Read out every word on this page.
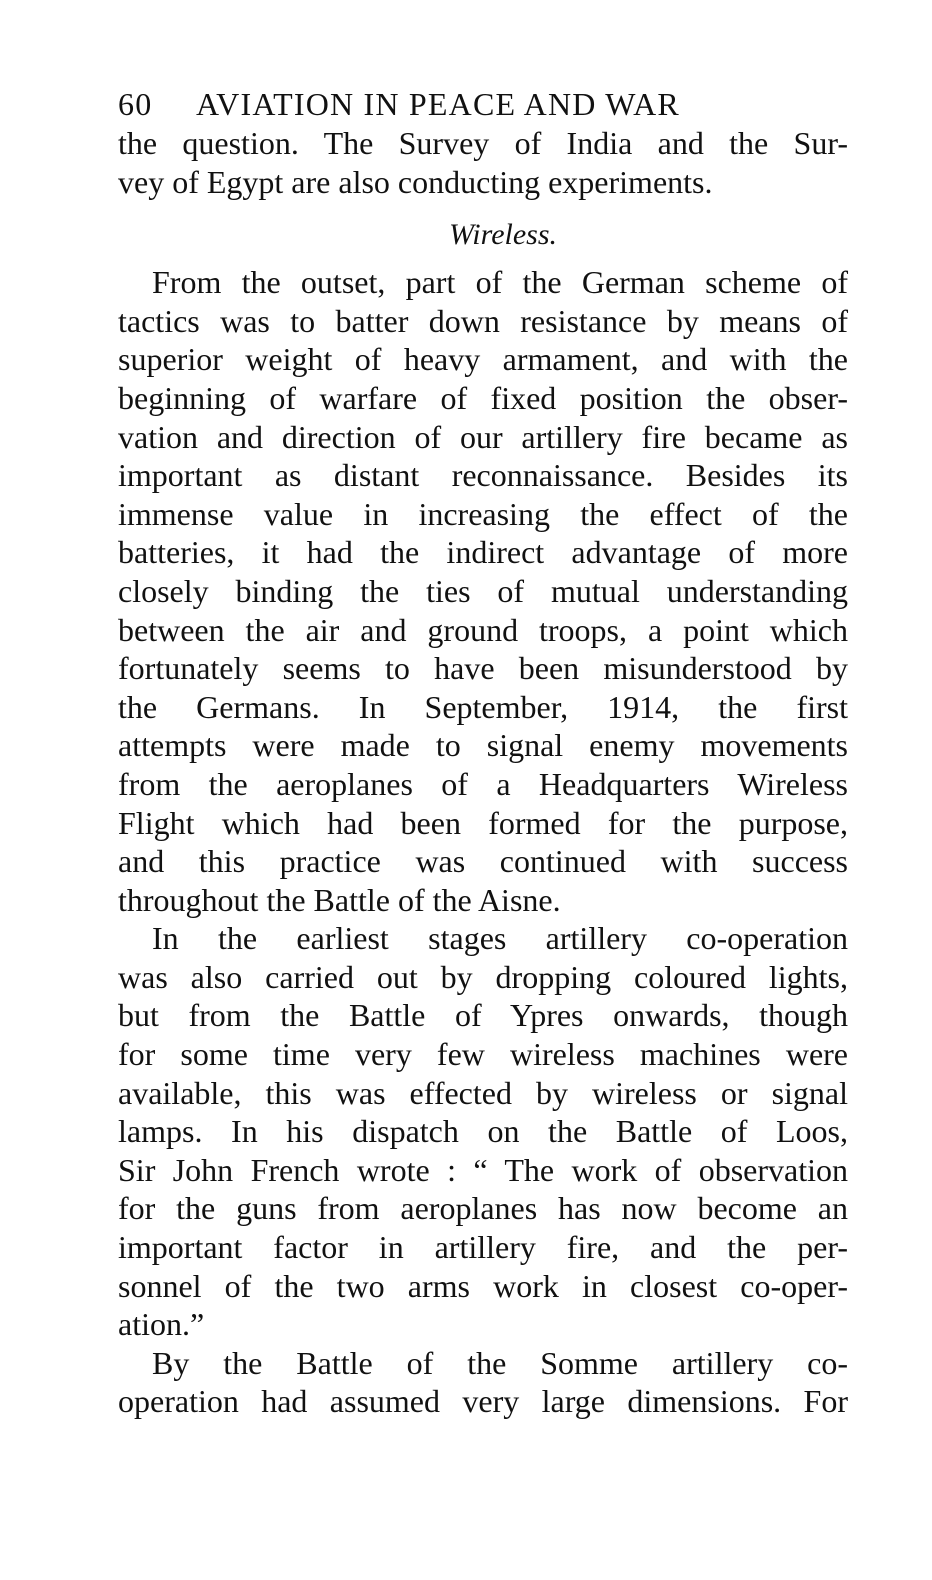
60 AVIATION IN PEACE AND WAR
the question. The Survey of India and the Sur-
vey of Egypt are also conducting experiments.
Wireless.
From the outset, part of the German scheme of
tactics was to batter down resistance by means of
superior weight of heavy armament, and with the
beginning of warfare of fixed position the obser-
vation and direction of our artillery fire became as
important as distant reconnaissance. Besides its
immense value in increasing the effect of the
batteries, it had the indirect advantage of more
closely binding the ties of mutual understanding
between the air and ground troops, a point which
fortunately seems to have been misunderstood by
the Germans. In September, 1914, the first
attempts were made to signal enemy movements
from the aeroplanes of a Headquarters Wireless
Flight which had been formed for the purpose,
and this practice was continued with success
throughout the Battle of the Aisne.
In the earliest stages artillery co-operation
was also carried out by dropping coloured lights,
but from the Battle of Ypres onwards, though
for some time very few wireless machines were
available, this was effected by wireless or signal
lamps. In his dispatch on the Battle of Loos,
Sir John French wrote : “ The work of observation
for the guns from aeroplanes has now become an
important factor in artillery fire, and the per-
sonnel of the two arms work in closest co-oper-
ation.”
By the Battle of the Somme artillery co-
operation had assumed very large dimensions. For
